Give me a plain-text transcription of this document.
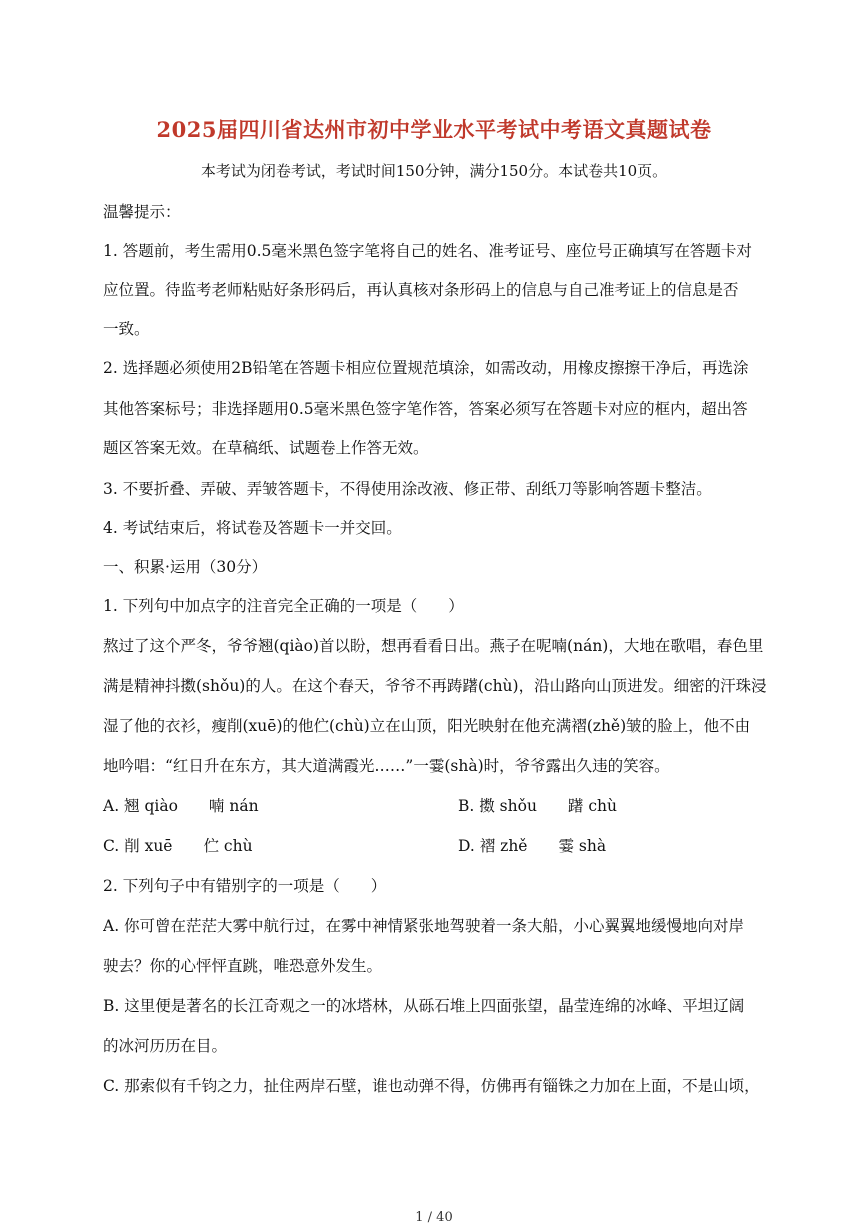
2025届四川省达州市初中学业水平考试中考语文真题试卷
本考试为闭卷考试，考试时间150分钟，满分150分。本试卷共10页。
温馨提示：
1. 答题前，考生需用0.5毫米黑色签字笔将自己的姓名、准考证号、座位号正确填写在答题卡对
应位置。待监考老师粘贴好条形码后，再认真核对条形码上的信息与自己准考证上的信息是否
一致。
2. 选择题必须使用2B铅笔在答题卡相应位置规范填涂，如需改动，用橡皮擦擦干净后，再选涂
其他答案标号；非选择题用0.5毫米黑色签字笔作答，答案必须写在答题卡对应的框内，超出答
题区答案无效。在草稿纸、试题卷上作答无效。
3. 不要折叠、弄破、弄皱答题卡，不得使用涂改液、修正带、刮纸刀等影响答题卡整洁。
4. 考试结束后，将试卷及答题卡一并交回。
一、积累·运用（30分）
1. 下列句中加点字的注音完全正确的一项是（　　）
熬过了这个严冬，爷爷翘(qiào)首以盼，想再看看日出。燕子在呢喃(nán)，大地在歌唱，春色里
满是精神抖擞(shǒu)的人。在这个春天，爷爷不再踌躇(chù)，沿山路向山顶进发。细密的汗珠浸
湿了他的衣衫，瘦削(xuē)的他伫(chù)立在山顶，阳光映射在他充满褶(zhě)皱的脸上，他不由
地吟唱：“红日升在东方，其大道满霞光……”一霎(shà)时，爷爷露出久违的笑容。
A. 翘 qiào　　喃 nán	B. 擞 shǒu　　躇 chù
C. 削 xuē　　伫 chù	D. 褶 zhě　　霎 shà
2. 下列句子中有错别字的一项是（　　）
A. 你可曾在茫茫大雾中航行过，在雾中神情紧张地驾驶着一条大船，小心翼翼地缓慢地向对岸
驶去？你的心怦怦直跳，唯恐意外发生。
B. 这里便是著名的长江奇观之一的冰塔林，从砾石堆上四面张望，晶莹连绵的冰峰、平坦辽阔
的冰河历历在目。
C. 那索似有千钧之力，扯住两岸石壁，谁也动弹不得，仿佛再有锱铢之力加在上面，不是山顷，
1 / 40
